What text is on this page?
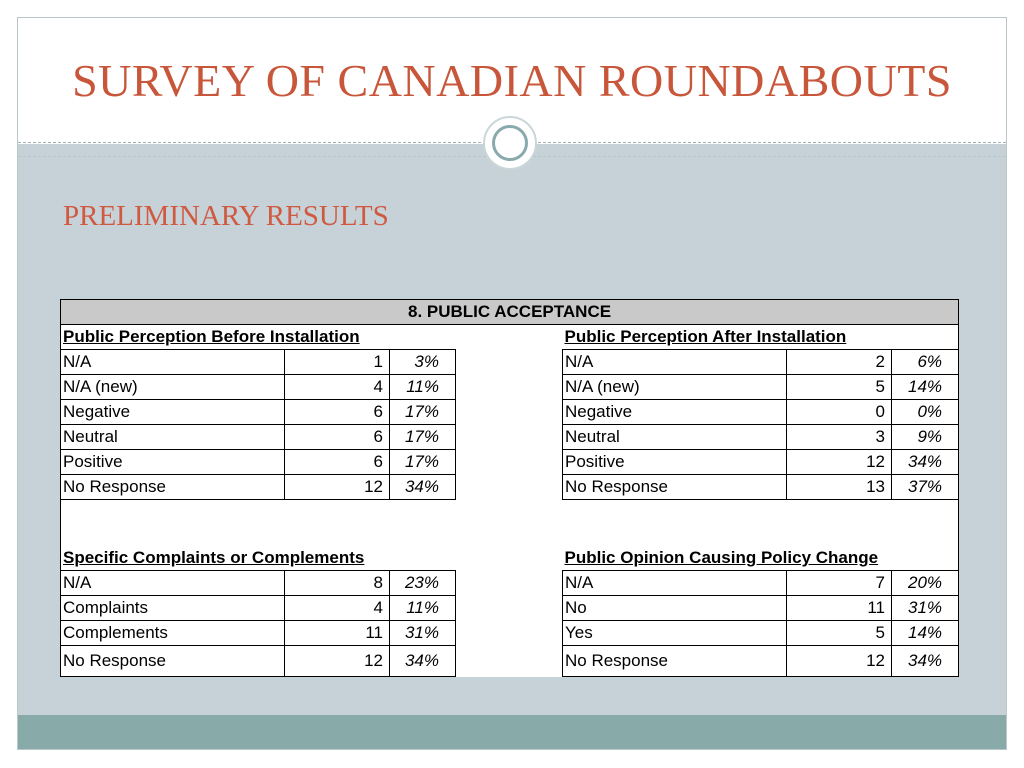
SURVEY OF CANADIAN ROUNDABOUTS
PRELIMINARY RESULTS
8. PUBLIC ACCEPTANCE						
Public Perception Before Installation				Public Perception After Installation		
N/A	1	3%		N/A	2	6%
N/A (new)	4	11%		N/A (new)	5	14%
Negative	6	17%		Negative	0	0%
Neutral	6	17%		Neutral	3	9%
Positive	6	17%		Positive	12	34%
No Response	12	34%		No Response	13	37%

Specific Complaints or Complements				Public Opinion Causing Policy Change		
N/A	8	23%		N/A	7	20%
Complaints	4	11%		No	11	31%
Complements	11	31%		Yes	5	14%
No Response	12	34%		No Response	12	34%
